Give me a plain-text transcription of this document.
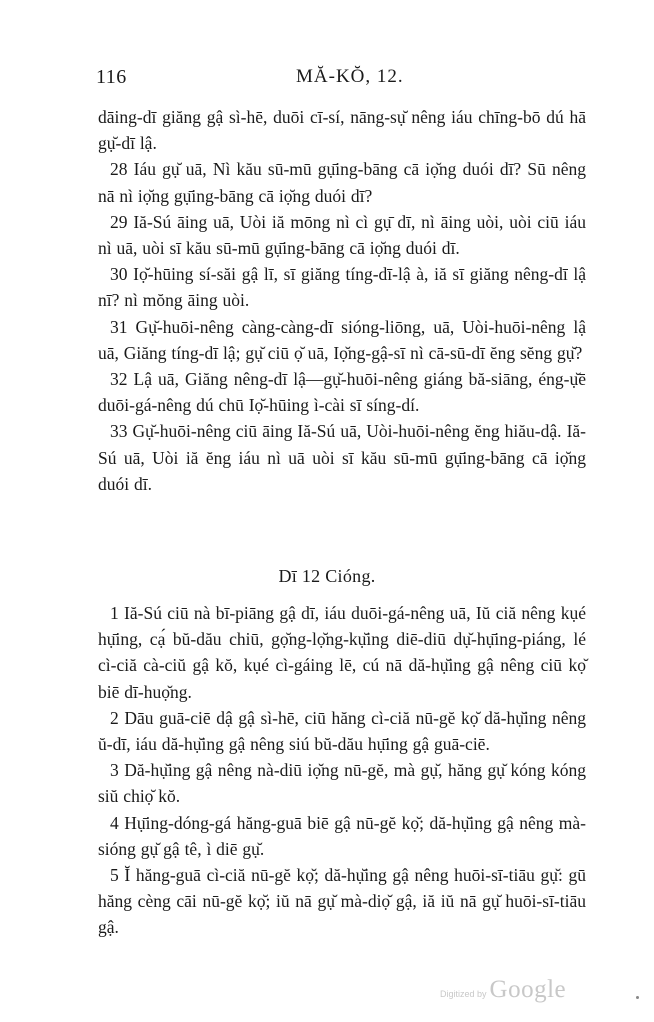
116	MĂ-KŎ, 12.

dāing-dī giăng gậ sì-hē, duōi cī-sí, nāng-sụ̆ nêng iáu chīng-bō dú hā gụ̆-dī lậ.

28 Iáu gụ̆ uā, Nì kău sū-mū gụ̄ing-bāng cā iọ̆ng duói dī? Sū nêng nā nì iọ̆ng gụ̄ing-bāng cā iọ̆ng duói dī?

29 Iă-Sú āing uā, Uòi iă mōng nì cì gụ̄ dī, nì āing uòi, uòi ciū iáu nì uā, uòi sī kău sū-mū gụ̄ing-bāng cā iọ̆ng duói dī.

30 Iọ̆-hūing sí-săi gậ lī, sī giăng tíng-dī-lậ à, iă sī giăng nêng-dī lậ nī? nì mŏng āing uòi.

31 Gụ̆-huōi-nêng càng-càng-dī sióng-liōng, uā, Uòi-huōi-nêng lậ uā, Giăng tíng-dī lậ; gụ̆ ciū ọ̆ uā, Iọ̆ng-gậ-sī nì cā-sū-dī ĕng sĕng gụ̆?

32 Lậ uā, Giăng nêng-dī lậ—gụ̆-huōi-nêng giáng bă-siāng, éng-ụ̆ē duōi-gá-nêng dú chū Iọ̆-hūing ì-cài sī síng-dí.

33 Gụ̆-huōi-nêng ciū āing Iă-Sú uā, Uòi-huōi-nêng ĕng hiău-dậ. Iă-Sú uā, Uòi iă ĕng iáu nì uā uòi sī kău sū-mū gụ̄ing-bāng cā iọ̆ng duói dī.

Dī 12 Cióng.

1 Iă-Sú ciū nà bī-piāng gậ dī, iáu duōi-gá-nêng uā, Iŭ ciă nêng kụé hụ̄ing, cạ́ bŭ-dău chiū, gọ̆ng-lọ̆ng-kụ̆ing diē-diū dụ̆-hụ̄ing-piáng, lé cì-ciă cà-ciŭ gậ kŏ, kụé cì-gáing lē, cú nā dă-hụ̆ing gậ nêng ciū kọ̆ biē dī-huọ̆ng.

2 Dāu guā-ciē dậ gậ sì-hē, ciū hăng cì-ciă nū-gĕ kọ̆ dă-hụ̆ing nêng ŭ-dī, iáu dă-hụ̆ing gậ nêng siú bŭ-dău hụ̄ing gậ guā-ciē.

3 Dă-hụ̆ing gậ nêng nà-diū iọ̆ng nū-gĕ, mà gụ̆, hăng gụ̆ kóng kóng siŭ chiọ̆ kŏ.

4 Hụ̄ing-dóng-gá hăng-guā biē gậ nū-gĕ kọ̆; dă-hụ̆ing gậ nêng mà-sióng gụ̆ gậ tê, ì diē gụ̆.

5 Ĭ hăng-guā cì-ciă nū-gĕ kọ̆; dă-hụ̆ing gậ nêng huōi-sī-tiāu gụ̆: gū hăng cèng cāi nū-gĕ kọ̆; iŭ nā gụ̆ mà-diọ̆ gậ, iă iŭ nā gụ̆ huōi-sī-tiāu gậ.

Digitized by Google
